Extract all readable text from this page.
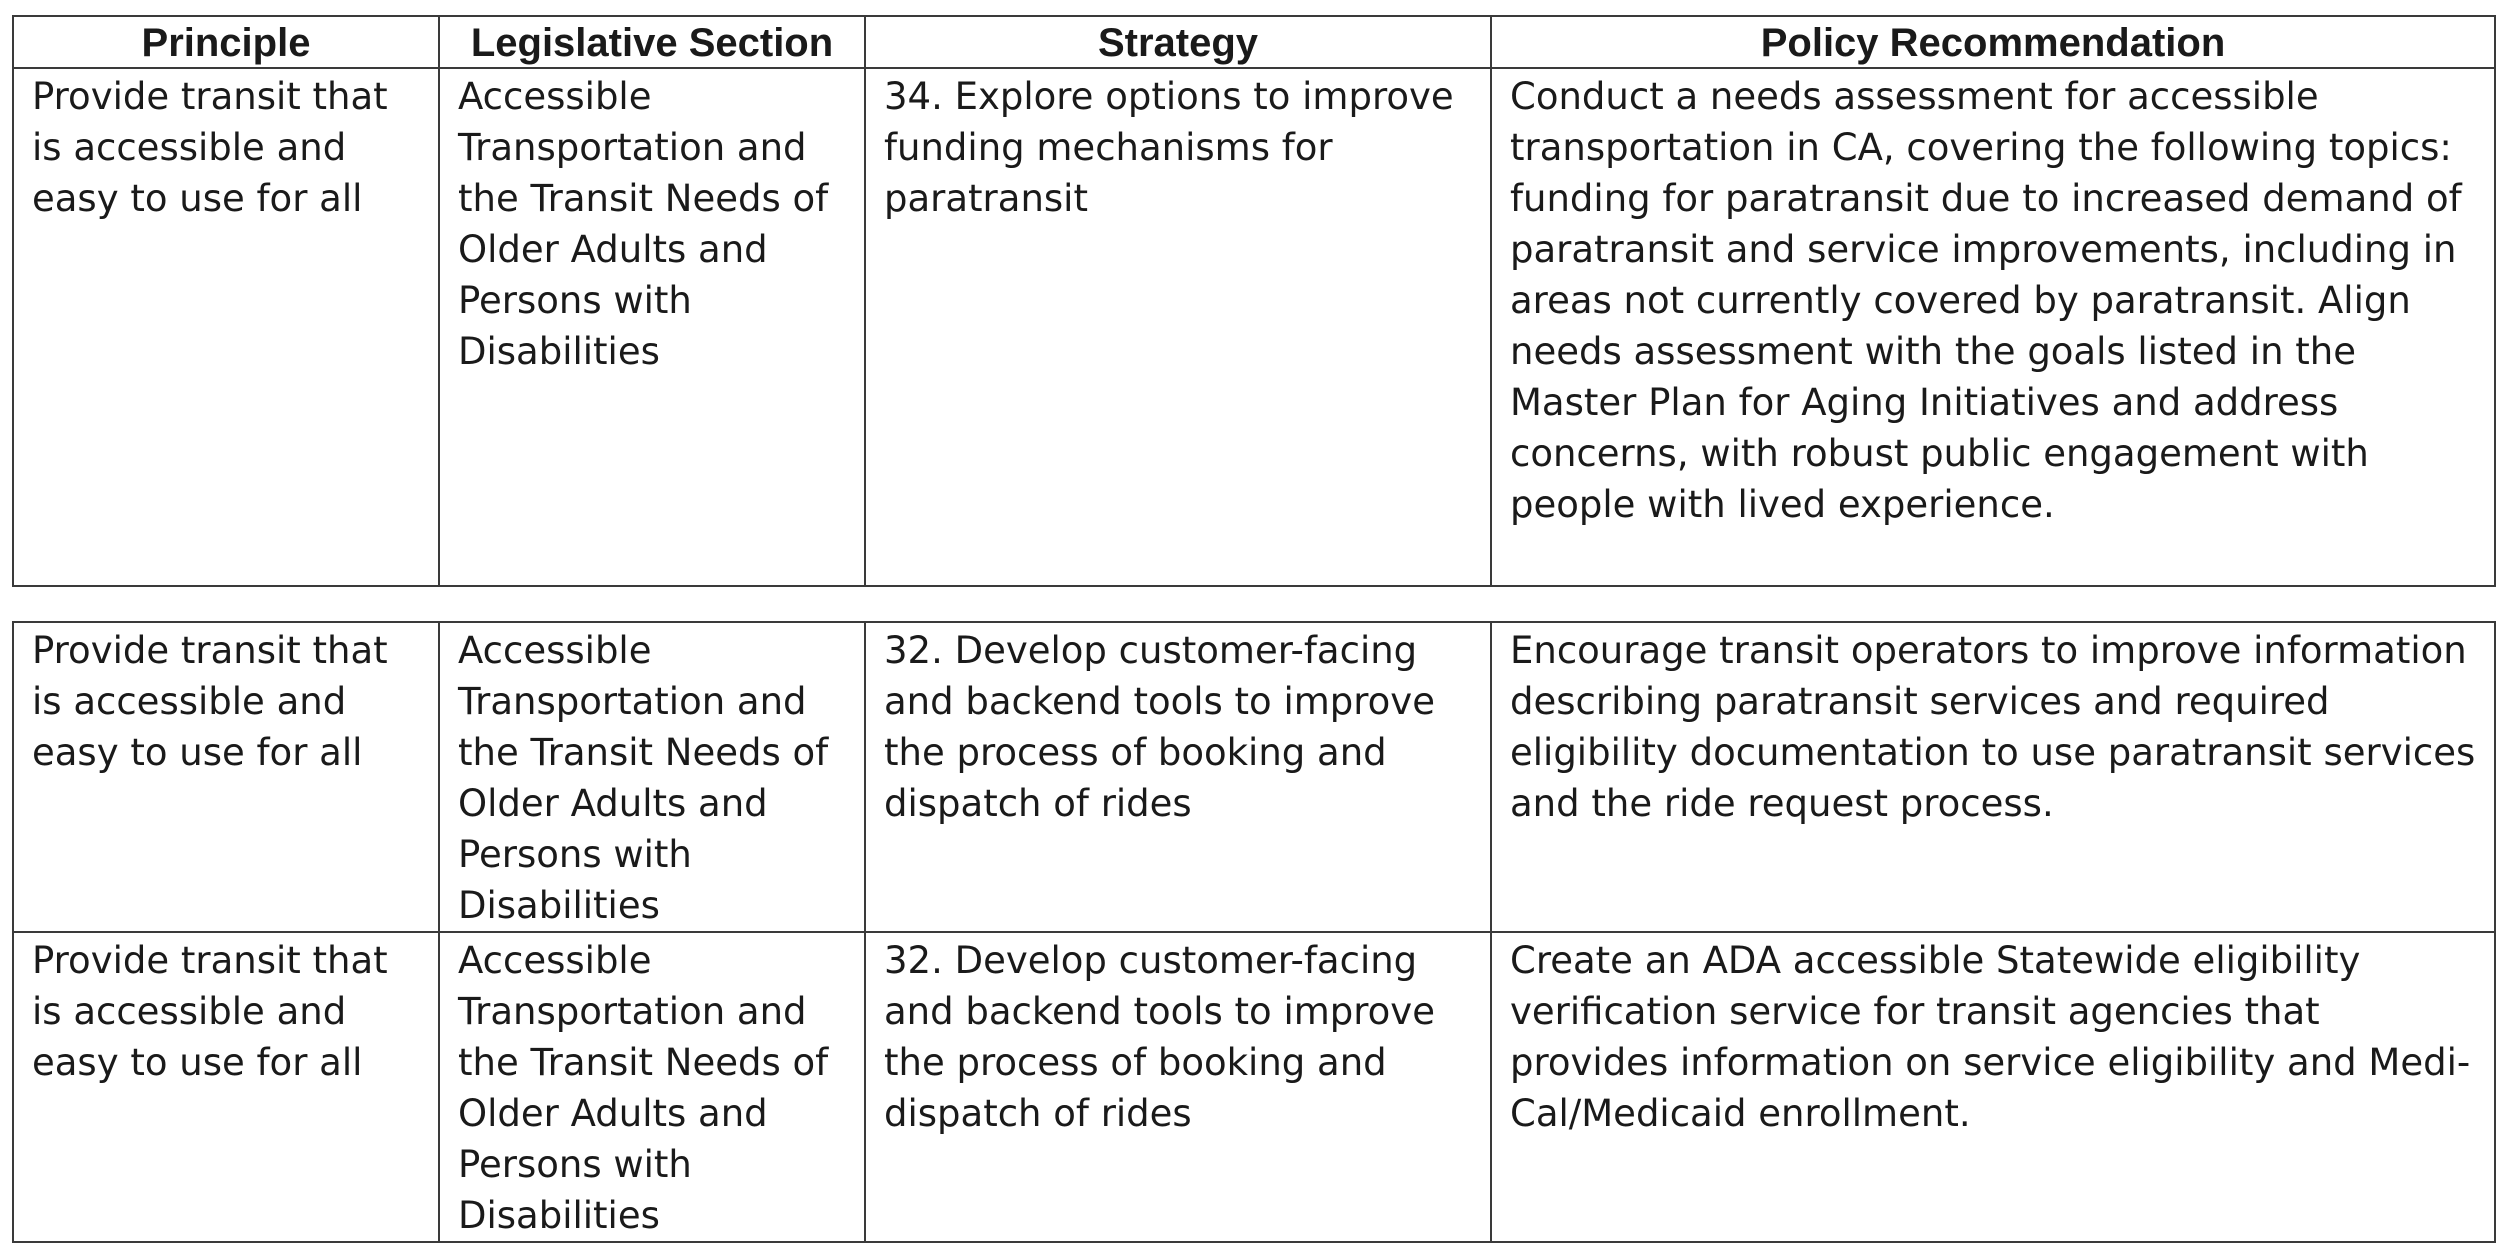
Principle	Legislative Section	Strategy	Policy Recommendation
Provide transit that is accessible and easy to use for all	Accessible Transportation and the Transit Needs of Older Adults and Persons with Disabilities	34. Explore options to improve funding mechanisms for paratransit	Conduct a needs assessment for accessible transportation in CA, covering the following topics: funding for paratransit due to increased demand of paratransit and service improvements, including in areas not currently covered by paratransit. Align needs assessment with the goals listed in the Master Plan for Aging Initiatives and address concerns, with robust public engagement with people with lived experience.
Provide transit that is accessible and easy to use for all	Accessible Transportation and the Transit Needs of Older Adults and Persons with Disabilities	32. Develop customer-facing and backend tools to improve the process of booking and dispatch of rides	Encourage transit operators to improve information describing paratransit services and required eligibility documentation to use paratransit services and the ride request process.
Provide transit that is accessible and easy to use for all	Accessible Transportation and the Transit Needs of Older Adults and Persons with Disabilities	32. Develop customer-facing and backend tools to improve the process of booking and dispatch of rides	Create an ADA accessible Statewide eligibility verification service for transit agencies that provides information on service eligibility and Medi-Cal/Medicaid enrollment.
